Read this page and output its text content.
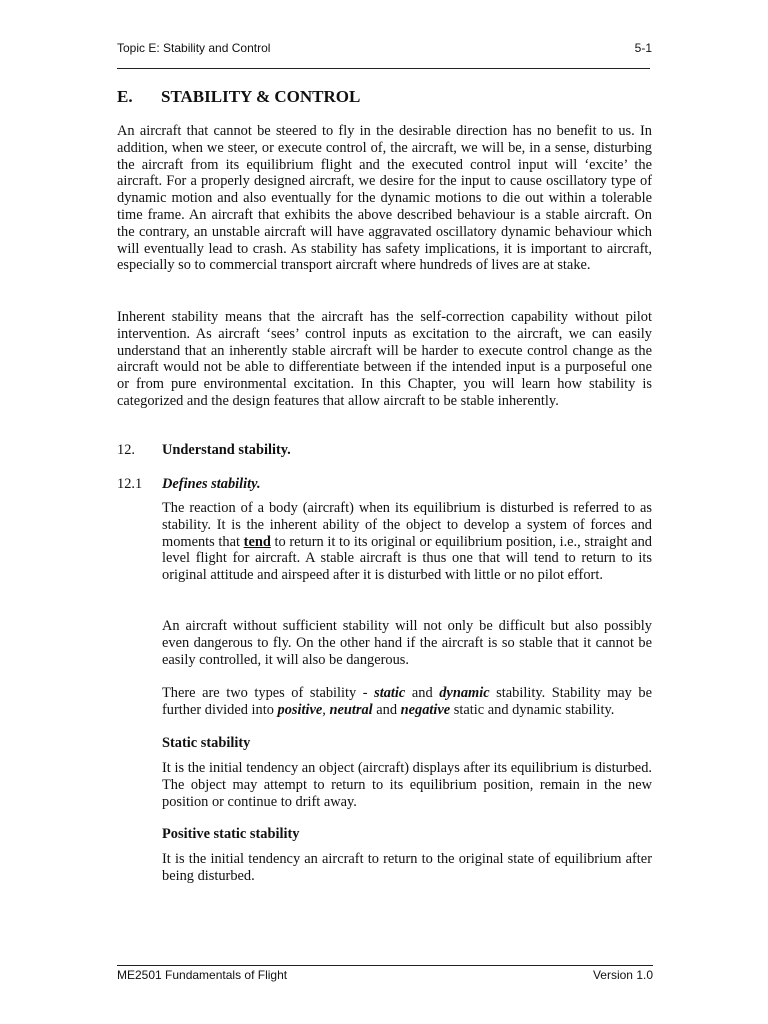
Topic E: Stability and Control	5-1
E. STABILITY & CONTROL

An aircraft that cannot be steered to fly in the desirable direction has no benefit to us. In addition, when we steer, or execute control of, the aircraft, we will be, in a sense, disturbing the aircraft from its equilibrium flight and the executed control input will ‘excite’ the aircraft. For a properly designed aircraft, we desire for the input to cause oscillatory type of dynamic motion and also eventually for the dynamic motions to die out within a tolerable time frame. An aircraft that exhibits the above described behaviour is a stable aircraft. On the contrary, an unstable aircraft will have aggravated oscillatory dynamic behaviour which will eventually lead to crash. As stability has safety implications, it is important to aircraft, especially so to commercial transport aircraft where hundreds of lives are at stake.

Inherent stability means that the aircraft has the self-correction capability without pilot intervention. As aircraft ‘sees’ control inputs as excitation to the aircraft, we can easily understand that an inherently stable aircraft will be harder to execute control change as the aircraft would not be able to differentiate between if the intended input is a purposeful one or from pure environmental excitation. In this Chapter, you will learn how stability is categorized and the design features that allow aircraft to be stable inherently.

12. Understand stability.
12.1 Defines stability.

The reaction of a body (aircraft) when its equilibrium is disturbed is referred to as stability. It is the inherent ability of the object to develop a system of forces and moments that tend to return it to its original or equilibrium position, i.e., straight and level flight for aircraft. A stable aircraft is thus one that will tend to return to its original attitude and airspeed after it is disturbed with little or no pilot effort.

An aircraft without sufficient stability will not only be difficult but also possibly even dangerous to fly. On the other hand if the aircraft is so stable that it cannot be easily controlled, it will also be dangerous.

There are two types of stability - static and dynamic stability. Stability may be further divided into positive, neutral and negative static and dynamic stability.

Static stability

It is the initial tendency an object (aircraft) displays after its equilibrium is disturbed. The object may attempt to return to its equilibrium position, remain in the new position or continue to drift away.

Positive static stability

It is the initial tendency an aircraft to return to the original state of equilibrium after being disturbed.

ME2501 Fundamentals of Flight	Version 1.0
